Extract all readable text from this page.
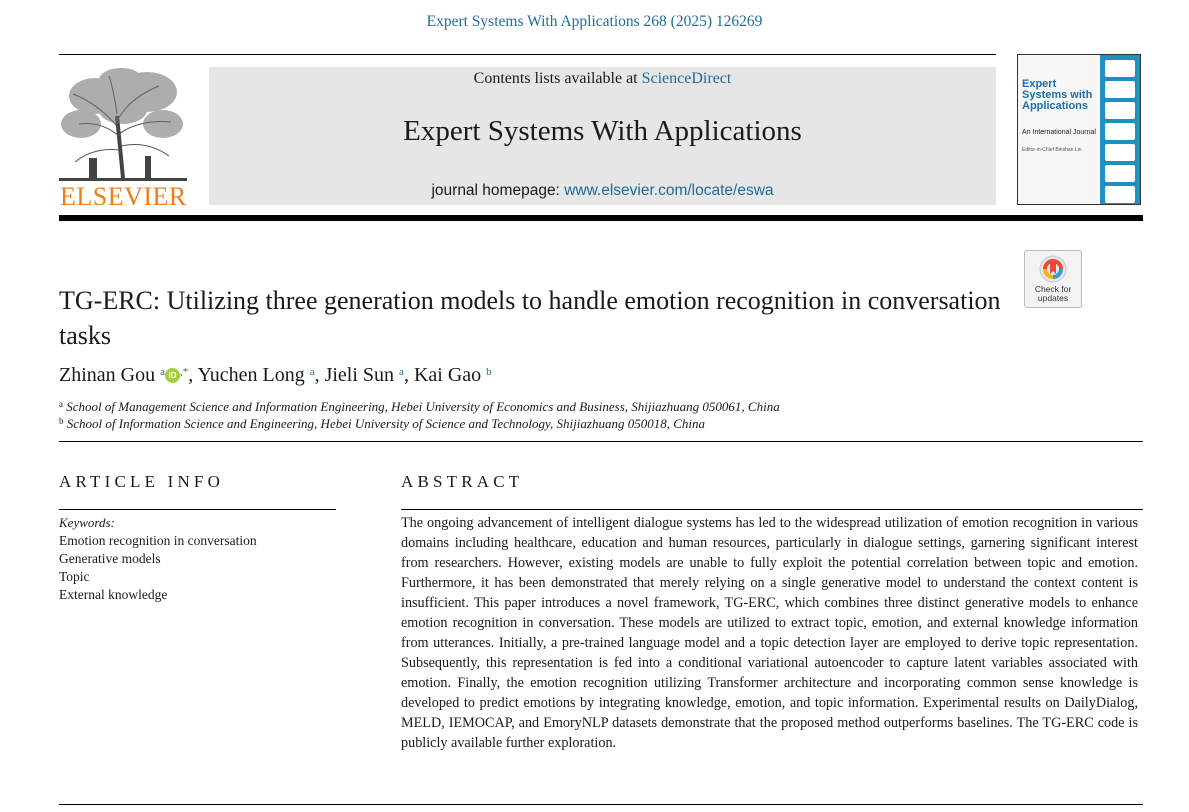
Expert Systems With Applications 268 (2025) 126269
ELSEVIER
Contents lists available at ScienceDirect
Expert Systems With Applications
journal homepage: www.elsevier.com/locate/eswa
Expert Systems with Applications
An International Journal
Editor-in-Chief Binshan Lin
Check for updates
TG-ERC: Utilizing three generation models to handle emotion recognition in conversation tasks
Zhinan Gou $^a$ iD ,*, Yuchen Long $^a$, Jieli Sun $^a$, Kai Gao $^b$
$^a$ School of Management Science and Information Engineering, Hebei University of Economics and Business, Shijiazhuang 050061, China
$^b$ School of Information Science and Engineering, Hebei University of Science and Technology, Shijiazhuang 050018, China
ARTICLE INFO
Keywords:
Emotion recognition in conversation
Generative models
Topic
External knowledge
ABSTRACT
The ongoing advancement of intelligent dialogue systems has led to the widespread utilization of emotion recognition in various domains including healthcare, education and human resources, particularly in dialogue settings, garnering significant interest from researchers. However, existing models are unable to fully exploit the potential correlation between topic and emotion. Furthermore, it has been demonstrated that merely relying on a single generative model to understand the context content is insufficient. This paper introduces a novel framework, TG-ERC, which combines three distinct generative models to enhance emotion recognition in conversation. These models are utilized to extract topic, emotion, and external knowledge information from utterances. Initially, a pre-trained language model and a topic detection layer are employed to derive topic representation. Subsequently, this representation is fed into a conditional variational autoencoder to capture latent variables associated with emotion. Finally, the emotion recognition utilizing Transformer architecture and incorporating common sense knowledge is developed to predict emotions by integrating knowledge, emotion, and topic information. Experimental results on DailyDialog, MELD, IEMOCAP, and EmoryNLP datasets demonstrate that the proposed method outperforms baselines. The TG-ERC code is publicly available further exploration.
